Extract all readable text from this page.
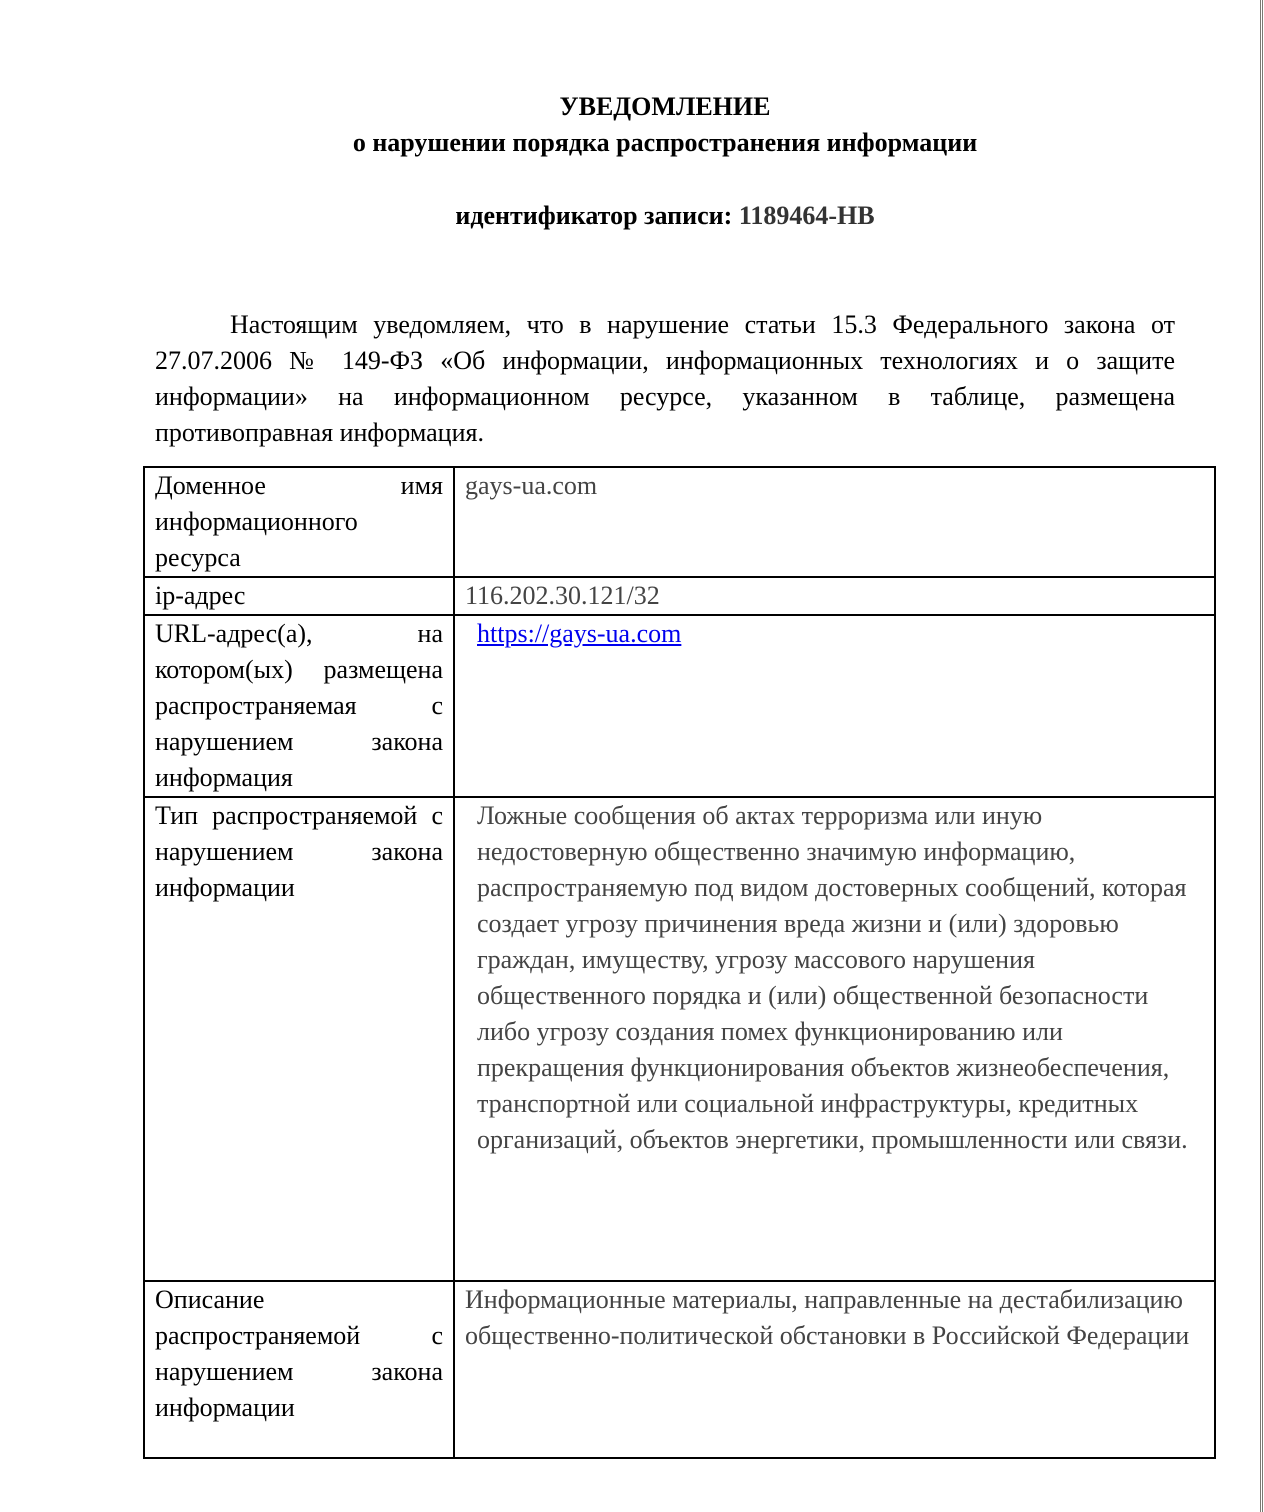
УВЕДОМЛЕНИЕ
о нарушении порядка распространения информации
идентификатор записи: 1189464-НВ

Настоящим уведомляем, что в нарушение статьи 15.3 Федерального закона от 27.07.2006 № 149-ФЗ «Об информации, информационных технологиях и о защите информации» на информационном ресурсе, указанном в таблице, размещена противоправная информация.

Доменное имя информационного ресурса	gays-ua.com
ip-адрес	116.202.30.121/32
URL-адрес(а), на котором(ых) размещена распространяемая с нарушением закона информация	https://gays-ua.com
Тип распространяемой с нарушением закона информации	Ложные сообщения об актах терроризма или иную недостоверную общественно значимую информацию, распространяемую под видом достоверных сообщений, которая создает угрозу причинения вреда жизни и (или) здоровью граждан, имуществу, угрозу массового нарушения общественного порядка и (или) общественной безопасности либо угрозу создания помех функционированию или прекращения функционирования объектов жизнеобеспечения, транспортной или социальной инфраструктуры, кредитных организаций, объектов энергетики, промышленности или связи.
Описание распространяемой с нарушением закона информации	Информационные материалы, направленные на дестабилизацию общественно-политической обстановки в Российской Федерации
